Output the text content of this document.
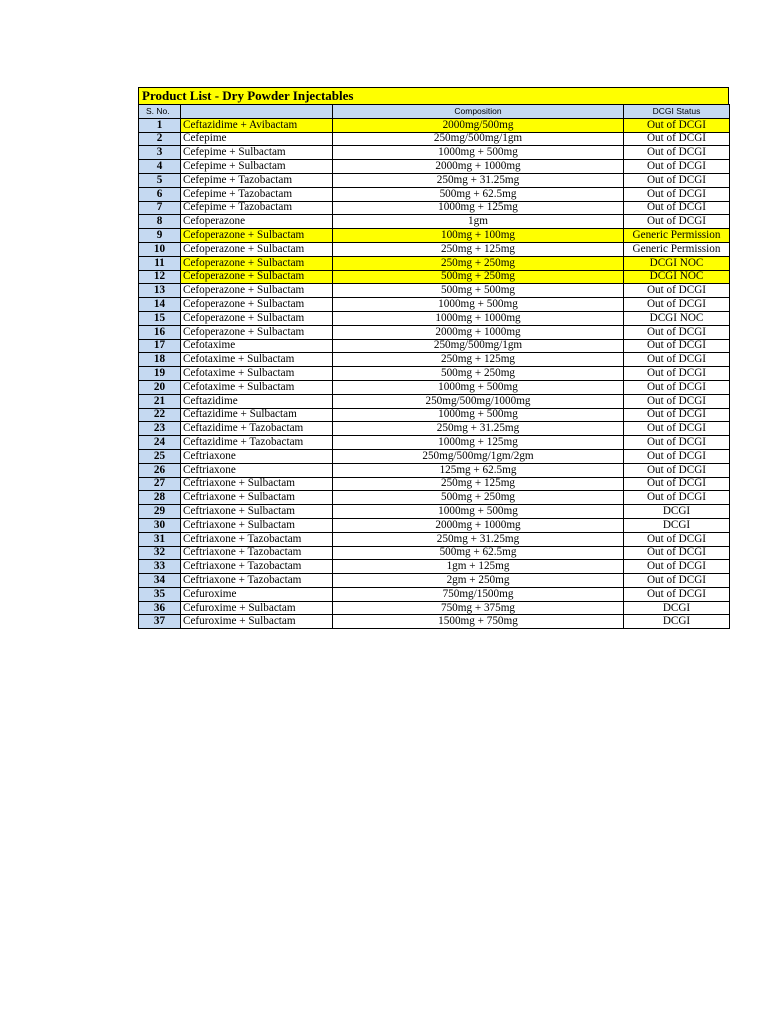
Product List - Dry Powder Injectables
S. No.		Composition	DCGI Status
1	Ceftazidime + Avibactam	2000mg/500mg	Out of DCGI
2	Cefepime	250mg/500mg/1gm	Out of DCGI
3	Cefepime + Sulbactam	1000mg + 500mg	Out of DCGI
4	Cefepime + Sulbactam	2000mg + 1000mg	Out of DCGI
5	Cefepime + Tazobactam	250mg + 31.25mg	Out of DCGI
6	Cefepime + Tazobactam	500mg + 62.5mg	Out of DCGI
7	Cefepime + Tazobactam	1000mg + 125mg	Out of DCGI
8	Cefoperazone	1gm	Out of DCGI
9	Cefoperazone + Sulbactam	100mg + 100mg	Generic Permission
10	Cefoperazone + Sulbactam	250mg + 125mg	Generic Permission
11	Cefoperazone + Sulbactam	250mg + 250mg	DCGI NOC
12	Cefoperazone + Sulbactam	500mg + 250mg	DCGI NOC
13	Cefoperazone + Sulbactam	500mg + 500mg	Out of DCGI
14	Cefoperazone + Sulbactam	1000mg + 500mg	Out of DCGI
15	Cefoperazone + Sulbactam	1000mg + 1000mg	DCGI NOC
16	Cefoperazone + Sulbactam	2000mg + 1000mg	Out of DCGI
17	Cefotaxime	250mg/500mg/1gm	Out of DCGI
18	Cefotaxime + Sulbactam	250mg + 125mg	Out of DCGI
19	Cefotaxime + Sulbactam	500mg + 250mg	Out of DCGI
20	Cefotaxime + Sulbactam	1000mg + 500mg	Out of DCGI
21	Ceftazidime	250mg/500mg/1000mg	Out of DCGI
22	Ceftazidime + Sulbactam	1000mg + 500mg	Out of DCGI
23	Ceftazidime + Tazobactam	250mg + 31.25mg	Out of DCGI
24	Ceftazidime + Tazobactam	1000mg + 125mg	Out of DCGI
25	Ceftriaxone	250mg/500mg/1gm/2gm	Out of DCGI
26	Ceftriaxone	125mg + 62.5mg	Out of DCGI
27	Ceftriaxone + Sulbactam	250mg + 125mg	Out of DCGI
28	Ceftriaxone + Sulbactam	500mg + 250mg	Out of DCGI
29	Ceftriaxone + Sulbactam	1000mg + 500mg	DCGI
30	Ceftriaxone + Sulbactam	2000mg + 1000mg	DCGI
31	Ceftriaxone + Tazobactam	250mg + 31.25mg	Out of DCGI
32	Ceftriaxone + Tazobactam	500mg + 62.5mg	Out of DCGI
33	Ceftriaxone + Tazobactam	1gm + 125mg	Out of DCGI
34	Ceftriaxone + Tazobactam	2gm + 250mg	Out of DCGI
35	Cefuroxime	750mg/1500mg	Out of DCGI
36	Cefuroxime + Sulbactam	750mg + 375mg	DCGI
37	Cefuroxime + Sulbactam	1500mg + 750mg	DCGI
